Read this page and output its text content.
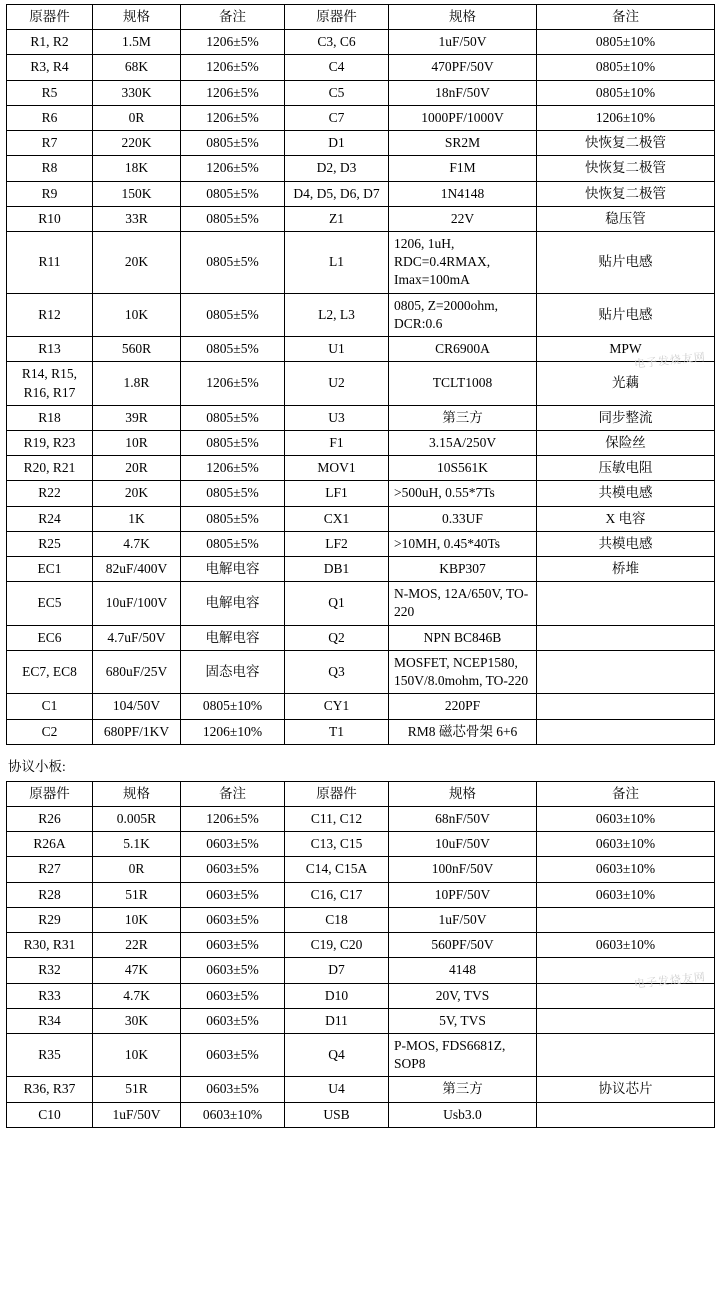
电子发烧友网
电子发烧友网
原器件	规格	备注	原器件	规格	备注
R1, R2	1.5M	1206±5%	C3, C6	1uF/50V	0805±10%
R3, R4	68K	1206±5%	C4	470PF/50V	0805±10%
R5	330K	1206±5%	C5	18nF/50V	0805±10%
R6	0R	1206±5%	C7	1000PF/1000V	1206±10%
R7	220K	0805±5%	D1	SR2M	快恢复二极管
R8	18K	1206±5%	D2, D3	F1M	快恢复二极管
R9	150K	0805±5%	D4, D5, D6, D7	1N4148	快恢复二极管
R10	33R	0805±5%	Z1	22V	稳压管
R11	20K	0805±5%	L1	1206, 1uH, RDC=0.4RMAX, Imax=100mA	贴片电感
R12	10K	0805±5%	L2, L3	0805, Z=2000ohm, DCR:0.6	贴片电感
R13	560R	0805±5%	U1	CR6900A	MPW
R14, R15, R16, R17	1.8R	1206±5%	U2	TCLT1008	光藕
R18	39R	0805±5%	U3	第三方	同步整流
R19, R23	10R	0805±5%	F1	3.15A/250V	保险丝
R20, R21	20R	1206±5%	MOV1	10S561K	压敏电阻
R22	20K	0805±5%	LF1	>500uH, 0.55*7Ts	共模电感
R24	1K	0805±5%	CX1	0.33UF	X 电容
R25	4.7K	0805±5%	LF2	>10MH, 0.45*40Ts	共模电感
EC1	82uF/400V	电解电容	DB1	KBP307	桥堆
EC5	10uF/100V	电解电容	Q1	N-MOS, 12A/650V, TO-220	
EC6	4.7uF/50V	电解电容	Q2	NPN BC846B	
EC7, EC8	680uF/25V	固态电容	Q3	MOSFET, NCEP1580, 150V/8.0mohm, TO-220	
C1	104/50V	0805±10%	CY1	220PF	
C2	680PF/1KV	1206±10%	T1	RM8 磁芯骨架 6+6	
协议小板:
原器件	规格	备注	原器件	规格	备注
R26	0.005R	1206±5%	C11, C12	68nF/50V	0603±10%
R26A	5.1K	0603±5%	C13, C15	10uF/50V	0603±10%
R27	0R	0603±5%	C14, C15A	100nF/50V	0603±10%
R28	51R	0603±5%	C16, C17	10PF/50V	0603±10%
R29	10K	0603±5%	C18	1uF/50V	
R30, R31	22R	0603±5%	C19, C20	560PF/50V	0603±10%
R32	47K	0603±5%	D7	4148	
R33	4.7K	0603±5%	D10	20V, TVS	
R34	30K	0603±5%	D11	5V, TVS	
R35	10K	0603±5%	Q4	P-MOS, FDS6681Z, SOP8	
R36, R37	51R	0603±5%	U4	第三方	协议芯片
C10	1uF/50V	0603±10%	USB	Usb3.0	
